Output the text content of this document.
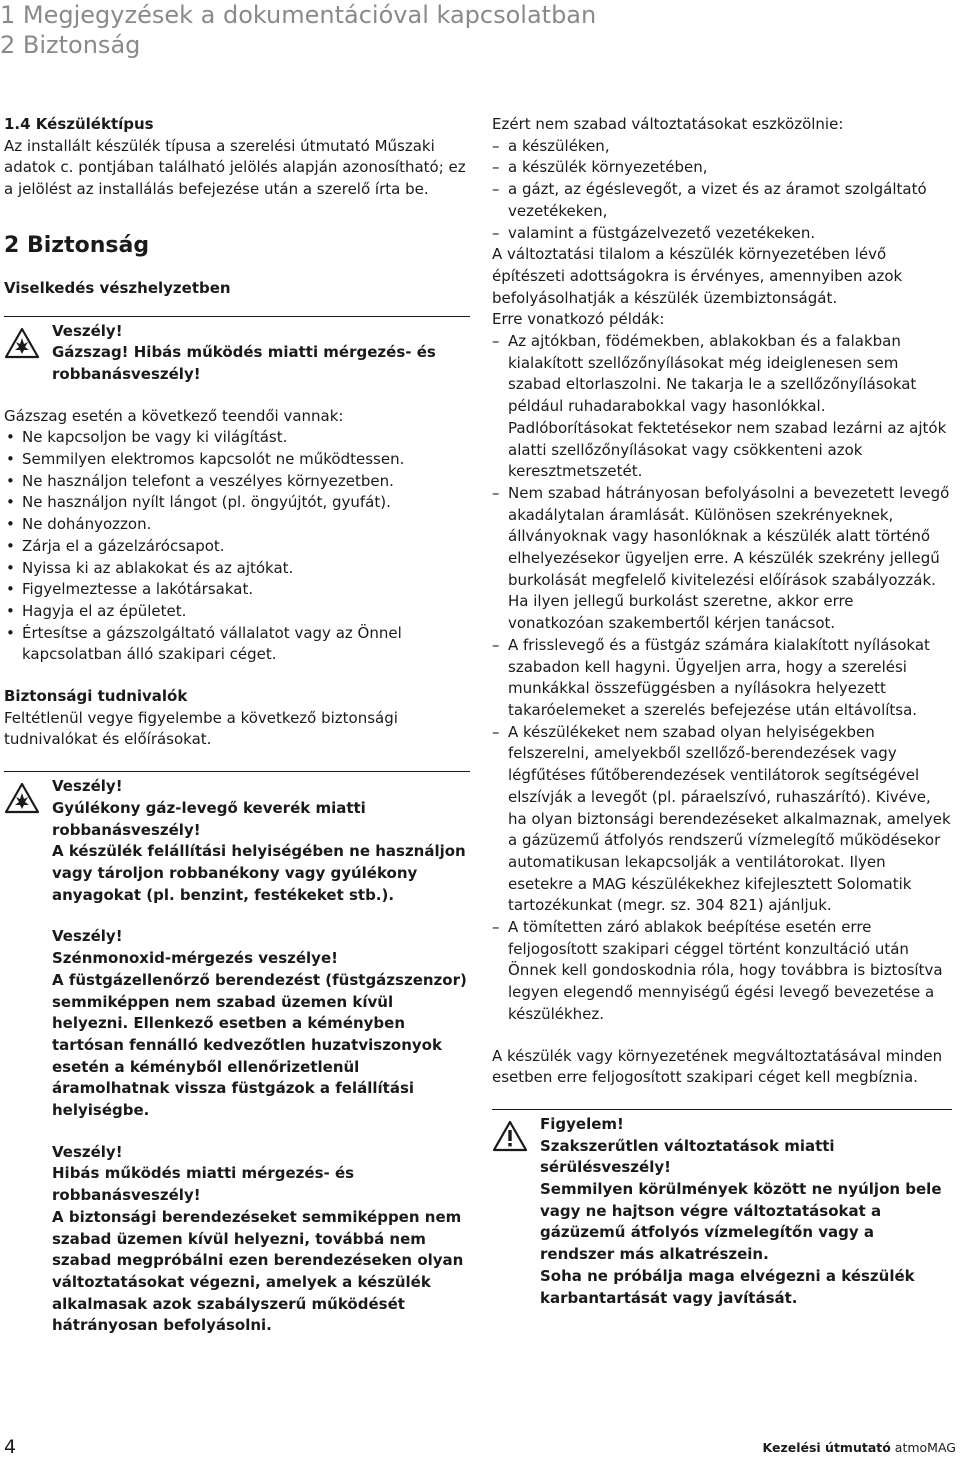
1 Megjegyzések a dokumentációval kapcsolatban
2 Biztonság
1.4 Készüléktípus
Az installált készülék típusa a szerelési útmutató Műszaki adatok c. pontjában található jelölés alapján azonosítható; ez a jelölést az installálás befejezése után a szerelő írta be.
2 Biztonság
Viselkedés vészhelyzetben
Veszély!
Gázszag! Hibás működés miatti mérgezés- és robbanásveszély!
Gázszag esetén a következő teendői vannak:
• Ne kapcsoljon be vagy ki világítást.
• Semmilyen elektromos kapcsolót ne működtessen.
• Ne használjon telefont a veszélyes környezetben.
• Ne használjon nyílt lángot (pl. öngyújtót, gyufát).
• Ne dohányozzon.
• Zárja el a gázelzárócsapot.
• Nyissa ki az ablakokat és az ajtókat.
• Figyelmeztesse a lakótársakat.
• Hagyja el az épületet.
• Értesítse a gázszolgáltató vállalatot vagy az Önnel kapcsolatban álló szakipari céget.
Biztonsági tudnivalók
Feltétlenül vegye figyelembe a következő biztonsági tudnivalókat és előírásokat.
Veszély!
Gyúlékony gáz-levegő keverék miatti robbanásveszély!
A készülék felállítási helyiségében ne használjon vagy tároljon robbanékony vagy gyúlékony anyagokat (pl. benzint, festékeket stb.).
Veszély!
Szénmonoxid-mérgezés veszélye!
A füstgázellenőrző berendezést (füstgázszenzor) semmiképpen nem szabad üzemen kívül helyezni. Ellenkező esetben a kéményben tartósan fennálló kedvezőtlen huzatviszonyok esetén a kéményből ellenőrizetlenül áramolhatnak vissza füstgázok a felállítási helyiségbe.
Veszély!
Hibás működés miatti mérgezés- és robbanásveszély!
A biztonsági berendezéseket semmiképpen nem szabad üzemen kívül helyezni, továbbá nem szabad megpróbálni ezen berendezéseken olyan változtatásokat végezni, amelyek a készülék alkalmasak azok szabályszerű működését hátrányosan befolyásolni.
Ezért nem szabad változtatásokat eszközölnie:
– a készüléken,
– a készülék környezetében,
– a gázt, az égéslevegőt, a vizet és az áramot szolgáltató vezetékeken,
– valamint a füstgázelvezető vezetékeken.
A változtatási tilalom a készülék környezetében lévő építészeti adottságokra is érvényes, amennyiben azok befolyásolhatják a készülék üzembiztonságát.
Erre vonatkozó példák:
– Az ajtókban, födémekben, ablakokban és a falakban kialakított szellőzőnyílásokat még ideiglenesen sem szabad eltorlaszolni. Ne takarja le a szellőzőnyílásokat például ruhadarabokkal vagy hasonlókkal. Padlóborításokat fektetésekor nem szabad lezárni az ajtók alatti szellőzőnyílásokat vagy csökkenteni azok keresztmetszetét.
– Nem szabad hátrányosan befolyásolni a bevezetett levegő akadálytalan áramlását. Különösen szekrényeknek, állványoknak vagy hasonlóknak a készülék alatt történő elhelyezésekor ügyeljen erre. A készülék szekrény jellegű burkolását megfelelő kivitelezési előírások szabályozzák. Ha ilyen jellegű burkolást szeretne, akkor erre vonatkozóan szakembertől kérjen tanácsot.
– A frisslevegő és a füstgáz számára kialakított nyílásokat szabadon kell hagyni. Ügyeljen arra, hogy a szerelési munkákkal összefüggésben a nyílásokra helyezett takaróelemeket a szerelés befejezése után eltávolítsa.
– A készülékeket nem szabad olyan helyiségekben felszerelni, amelyekből szellőző-berendezések vagy légfűtéses fűtőberendezések ventilátorok segítségével elszívják a levegőt (pl. páraelszívó, ruhaszárító). Kivéve, ha olyan biztonsági berendezéseket alkalmaznak, amelyek a gázüzemű átfolyós rendszerű vízmelegítő működésekor automatikusan lekapcsolják a ventilátorokat. Ilyen esetekre a MAG készülékekhez kifejlesztett Solomatik tartozékunkat (megr. sz. 304 821) ajánljuk.
– A tömítetten záró ablakok beépítése esetén erre feljogosított szakipari céggel történt konzultáció után Önnek kell gondoskodnia róla, hogy továbbra is biztosítva legyen elegendő mennyiségű égési levegő bevezetése a készülékhez.
A készülék vagy környezetének megváltoztatásával minden esetben erre feljogosított szakipari céget kell megbíznia.
Figyelem!
Szakszerűtlen változtatások miatti sérülésveszély!
Semmilyen körülmények között ne nyúljon bele vagy ne hajtson végre változtatásokat a gázüzemű átfolyós vízmelegítőn vagy a rendszer más alkatrészein.
Soha ne próbálja maga elvégezni a készülék karbantartását vagy javítását.
4	Kezelési útmutató atmoMAG
